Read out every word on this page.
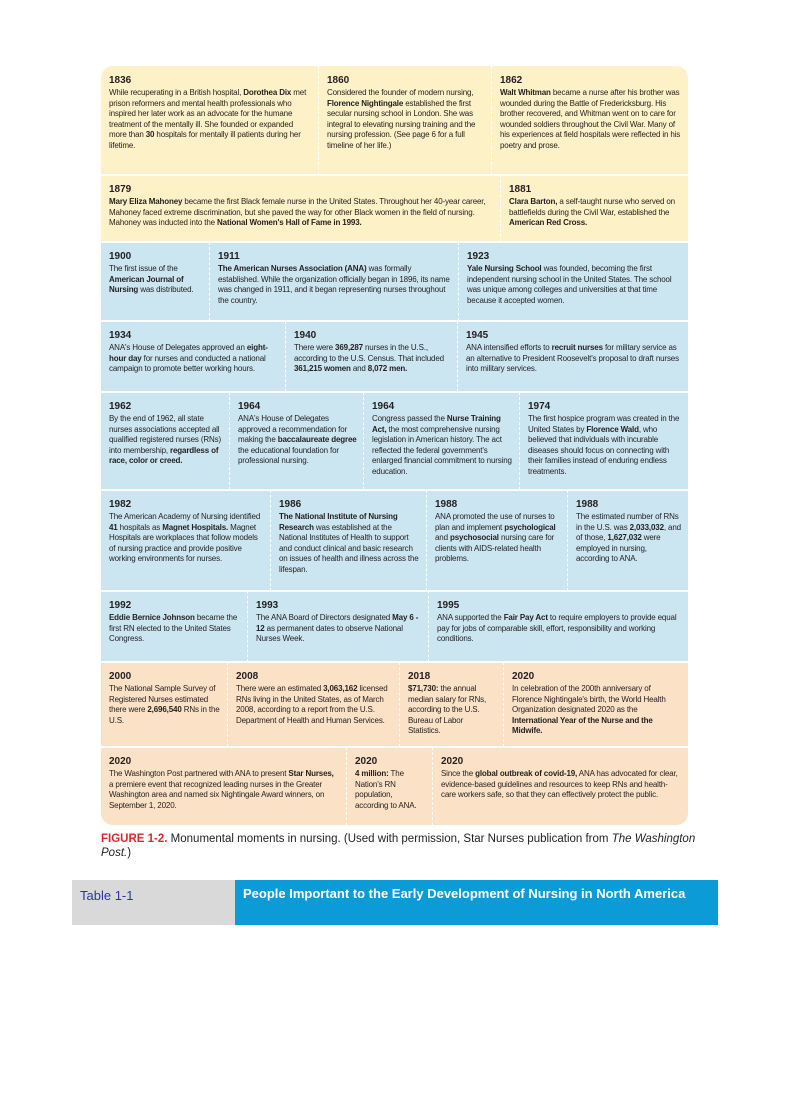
1836
While recuperating in a British hospital, Dorothea Dix met prison reformers and mental health professionals who inspired her later work as an advocate for the humane treatment of the mentally ill. She founded or expanded more than 30 hospitals for mentally ill patients during her lifetime.
1860
Considered the founder of modern nursing, Florence Nightingale established the first secular nursing school in London. She was integral to elevating nursing training and the nursing profession. (See page 6 for a full timeline of her life.)
1862
Walt Whitman became a nurse after his brother was wounded during the Battle of Fredericksburg. His brother recovered, and Whitman went on to care for wounded soldiers throughout the Civil War. Many of his experiences at field hospitals were reflected in his poetry and prose.
1879
Mary Eliza Mahoney became the first Black female nurse in the United States. Throughout her 40-year career, Mahoney faced extreme discrimination, but she paved the way for other Black women in the field of nursing. Mahoney was inducted into the National Women's Hall of Fame in 1993.
1881
Clara Barton, a self-taught nurse who served on battlefields during the Civil War, established the American Red Cross.
1900
The first issue of the American Journal of Nursing was distributed.
1911
The American Nurses Association (ANA) was formally established. While the organization officially began in 1896, its name was changed in 1911, and it began representing nurses throughout the country.
1923
Yale Nursing School was founded, becoming the first independent nursing school in the United States. The school was unique among colleges and universities at that time because it accepted women.
1934
ANA's House of Delegates approved an eight-hour day for nurses and conducted a national campaign to promote better working hours.
1940
There were 369,287 nurses in the U.S., according to the U.S. Census. That included 361,215 women and 8,072 men.
1945
ANA intensified efforts to recruit nurses for military service as an alternative to President Roosevelt's proposal to draft nurses into military services.
1962
By the end of 1962, all state nurses associations accepted all qualified registered nurses (RNs) into membership, regardless of race, color or creed.
1964
ANA's House of Delegates approved a recommendation for making the baccalaureate degree the educational foundation for professional nursing.
1964
Congress passed the Nurse Training Act, the most comprehensive nursing legislation in American history. The act reflected the federal government's enlarged financial commitment to nursing education.
1974
The first hospice program was created in the United States by Florence Wald, who believed that individuals with incurable diseases should focus on connecting with their families instead of enduring endless treatments.
1982
The American Academy of Nursing identified 41 hospitals as Magnet Hospitals. Magnet Hospitals are workplaces that follow models of nursing practice and provide positive working environments for nurses.
1986
The National Institute of Nursing Research was established at the National Institutes of Health to support and conduct clinical and basic research on issues of health and illness across the lifespan.
1988
ANA promoted the use of nurses to plan and implement psychological and psychosocial nursing care for clients with AIDS-related health problems.
1988
The estimated number of RNs in the U.S. was 2,033,032, and of those, 1,627,032 were employed in nursing, according to ANA.
1992
Eddie Bernice Johnson became the first RN elected to the United States Congress.
1993
The ANA Board of Directors designated May 6 - 12 as permanent dates to observe National Nurses Week.
1995
ANA supported the Fair Pay Act to require employers to provide equal pay for jobs of comparable skill, effort, responsibility and working conditions.
2000
The National Sample Survey of Registered Nurses estimated there were 2,696,540 RNs in the U.S.
2008
There were an estimated 3,063,162 licensed RNs living in the United States, as of March 2008, according to a report from the U.S. Department of Health and Human Services.
2018
$71,730: the annual median salary for RNs, according to the U.S. Bureau of Labor Statistics.
2020
In celebration of the 200th anniversary of Florence Nightingale's birth, the World Health Organization designated 2020 as the International Year of the Nurse and the Midwife.
2020
The Washington Post partnered with ANA to present Star Nurses, a premiere event that recognized leading nurses in the Greater Washington area and named six Nightingale Award winners, on September 1, 2020.
2020
4 million: The Nation's RN population, according to ANA.
2020
Since the global outbreak of covid-19, ANA has advocated for clear, evidence-based guidelines and resources to keep RNs and health-care workers safe, so that they can effectively protect the public.
FIGURE 1-2. Monumental moments in nursing. (Used with permission, Star Nurses publication from The Washington Post.)
Table 1-1	People Important to the Early Development of Nursing in North America
